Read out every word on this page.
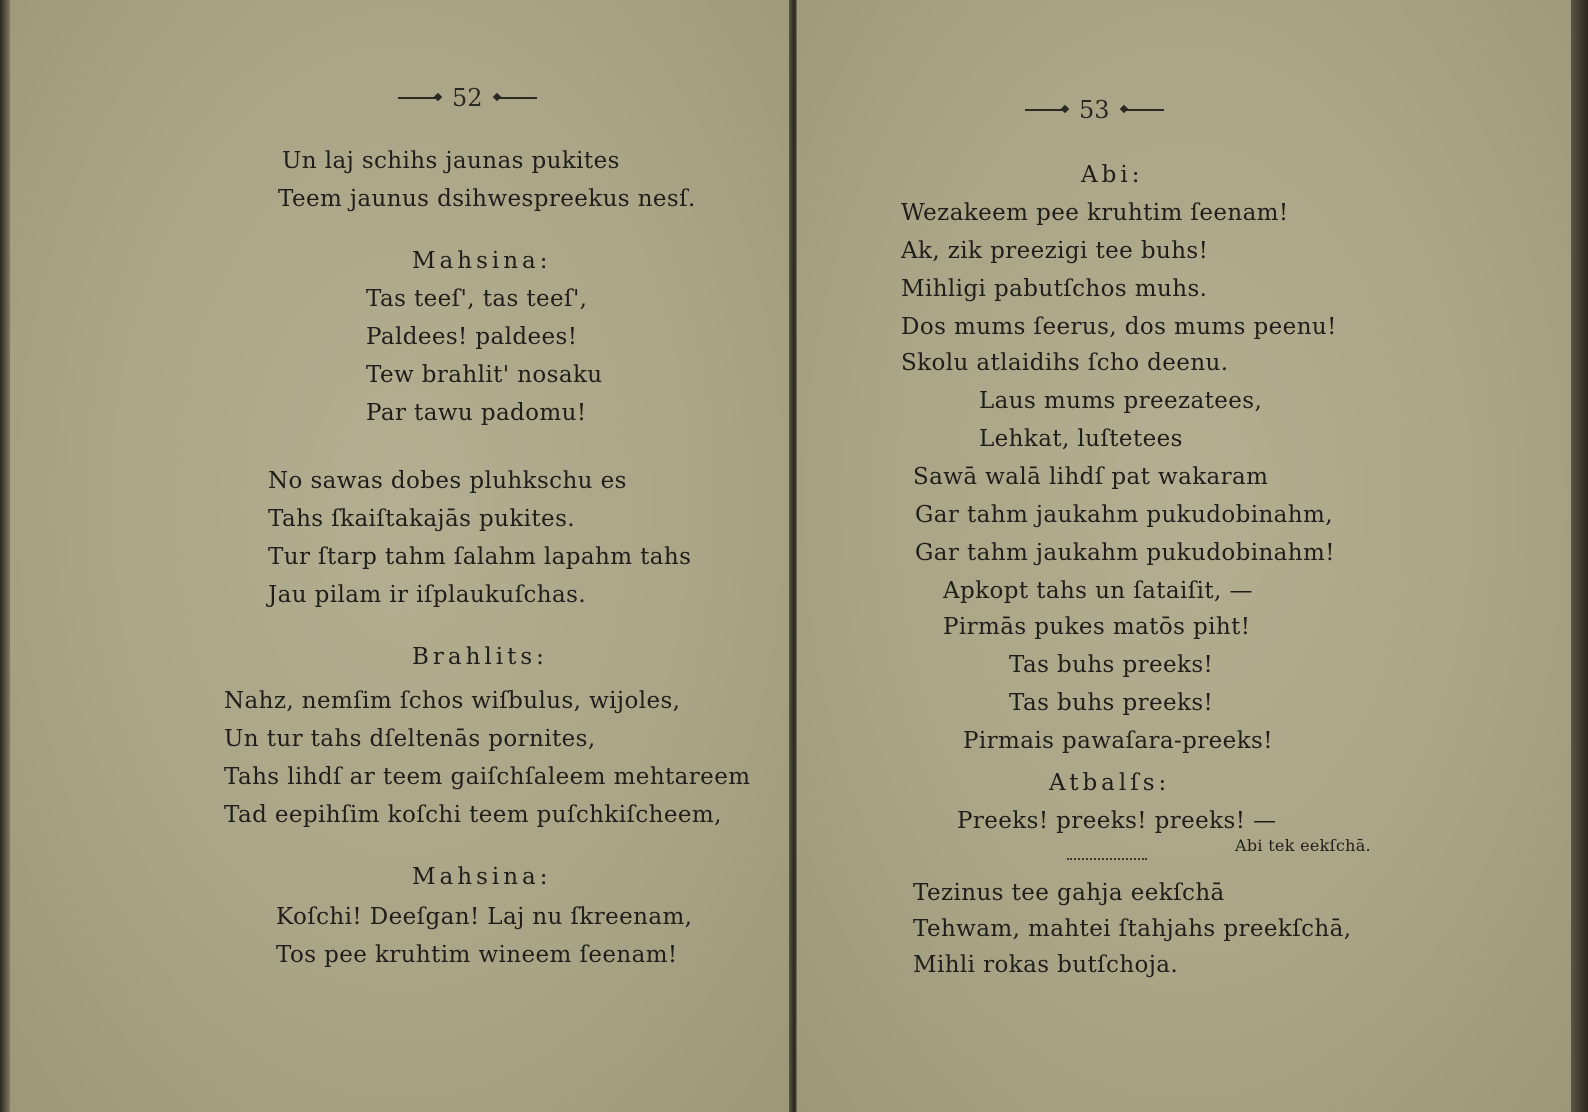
52
Un laj schihs jaunas pukites
Teem jaunus dsihwespreekus nesſ.
Mahsina:
Tas teeſ', tas teeſ',
Paldees! paldees!
Tew brahlit' nosaku
Par tawu padomu!
No sawas dobes pluhkschu es
Tahs ſkaiſtakajās pukites.
Tur ſtarp tahm ſalahm lapahm tahs
Jau pilam ir iſplaukuſchas.
Brahlits:
Nahz, nemſim ſchos wiſbulus, wijoles,
Un tur tahs dſeltenās pornites,
Tahs lihdſ ar teem gaiſchſaleem mehtareem
Tad eepihſim koſchi teem puſchkiſcheem,
Mahsina:
Koſchi! Deeſgan! Laj nu ſkreenam,
Tos pee kruhtim wineem ſeenam!
53
Abi:
Wezakeem pee kruhtim ſeenam!
Ak, zik preezigi tee buhs!
Mihligi pabutſchos muhs.
Dos mums ſeerus, dos mums peenu!
Skolu atlaidihs ſcho deenu.
Laus mums preezatees,
Lehkat, luſtetees
Sawā walā lihdſ pat wakaram
Gar tahm jaukahm pukudobinahm,
Gar tahm jaukahm pukudobinahm!
Apkopt tahs un ſataiſit, —
Pirmās pukes matōs piht!
Tas buhs preeks!
Tas buhs preeks!
Pirmais pawaſara-preeks!
Atbalſs:
Preeks! preeks! preeks! —
Abi tek eekſchā.
Tezinus tee gahja eekſchā
Tehwam, mahtei ſtahjahs preekſchā,
Mihli rokas butſchoja.
